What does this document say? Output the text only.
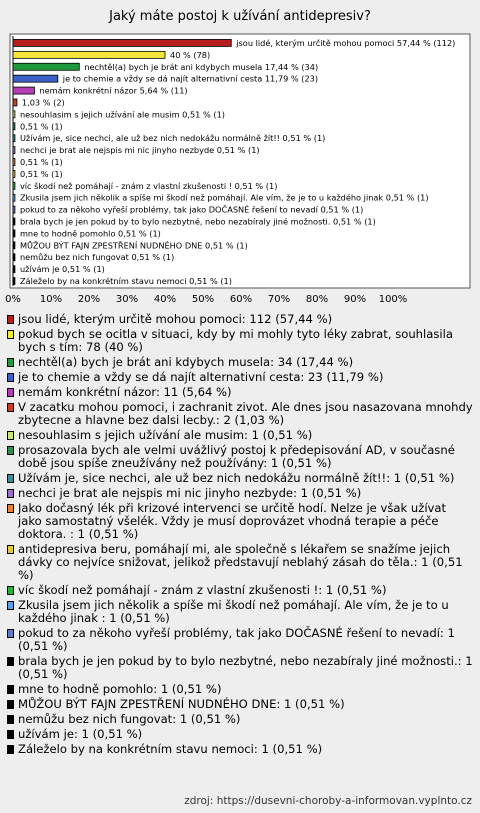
Jaký máte postoj k užívání antidepresiv?
jsou lidé, kterým určitě mohou pomoci 57,44 % (112)
40 % (78)
nechtěl(a) bych je brát ani kdybych musela 17,44 % (34)
je to chemie a vždy se dá najít alternativní cesta 11,79 % (23)
nemám konkrétní názor 5,64 % (11)
1,03 % (2)
nesouhlasim s jejich užívání ale musim 0,51 % (1)
0,51 % (1)
Užívám je, sice nechci, ale už bez nich nedokážu normálně žít!! 0,51 % (1)
nechci je brat ale nejspis mi nic jinyho nezbyde 0,51 % (1)
0,51 % (1)
0,51 % (1)
víc škodí než pomáhají - znám z vlastní zkušenosti ! 0,51 % (1)
Zkusila jsem jich několik a spíše mi škodí než pomáhají. Ale vím, že je to u každého jinak 0,51 % (1)
pokud to za někoho vyřeší problémy, tak jako DOČASNÉ řešení to nevadí 0,51 % (1)
brala bych je jen pokud by to bylo nezbytné, nebo nezabíraly jiné možnosti. 0,51 % (1)
mne to hodně pomohlo 0,51 % (1)
MŮŽOU BÝT FAJN ZPESTŘENÍ NUDNÉHO DNE 0,51 % (1)
nemůžu bez nich fungovat 0,51 % (1)
užívám je 0,51 % (1)
Záleželo by na konkrétním stavu nemoci 0,51 % (1)
0% 10% 20% 30% 40% 50% 60% 70% 80% 90% 100%
jsou lidé, kterým určitě mohou pomoci: 112 (57,44 %)
pokud bych se ocitla v situaci, kdy by mi mohly tyto léky zabrat, souhlasila bych s tím: 78 (40 %)
nechtěl(a) bych je brát ani kdybych musela: 34 (17,44 %)
je to chemie a vždy se dá najít alternativní cesta: 23 (11,79 %)
nemám konkrétní názor: 11 (5,64 %)
V zacatku mohou pomoci, i zachranit zivot. Ale dnes jsou nasazovana mnohdy zbytecne a hlavne bez dalsi lecby.: 2 (1,03 %)
nesouhlasim s jejich užívání ale musim: 1 (0,51 %)
prosazovala bych ale velmi uvážlivý postoj k předepisování AD, v současné době jsou spíše zneužívány než používány: 1 (0,51 %)
Užívám je, sice nechci, ale už bez nich nedokážu normálně žít!!: 1 (0,51 %)
nechci je brat ale nejspis mi nic jinyho nezbyde: 1 (0,51 %)
Jako dočasný lék při krizové intervenci se určitě hodí. Nelze je však užívat jako samostatný všelék. Vždy je musí doprovázet vhodná terapie a péče doktora. : 1 (0,51 %)
antidepresiva beru, pomáhají mi, ale společně s lékařem se snažíme jejich dávky co nejvíce snižovat, jelikož představují neblahý zásah do těla.: 1 (0,51 %)
víc škodí než pomáhají - znám z vlastní zkušenosti !: 1 (0,51 %)
Zkusila jsem jich několik a spíše mi škodí než pomáhají. Ale vím, že je to u každého jinak : 1 (0,51 %)
pokud to za někoho vyřeší problémy, tak jako DOČASNÉ řešení to nevadí: 1 (0,51 %)
brala bych je jen pokud by to bylo nezbytné, nebo nezabíraly jiné možnosti.: 1 (0,51 %)
mne to hodně pomohlo: 1 (0,51 %)
MŮŽOU BÝT FAJN ZPESTŘENÍ NUDNÉHO DNE: 1 (0,51 %)
nemůžu bez nich fungovat: 1 (0,51 %)
užívám je: 1 (0,51 %)
Záleželo by na konkrétním stavu nemoci: 1 (0,51 %)
zdroj: https://dusevni-choroby-a-informovan.vyplnto.cz
